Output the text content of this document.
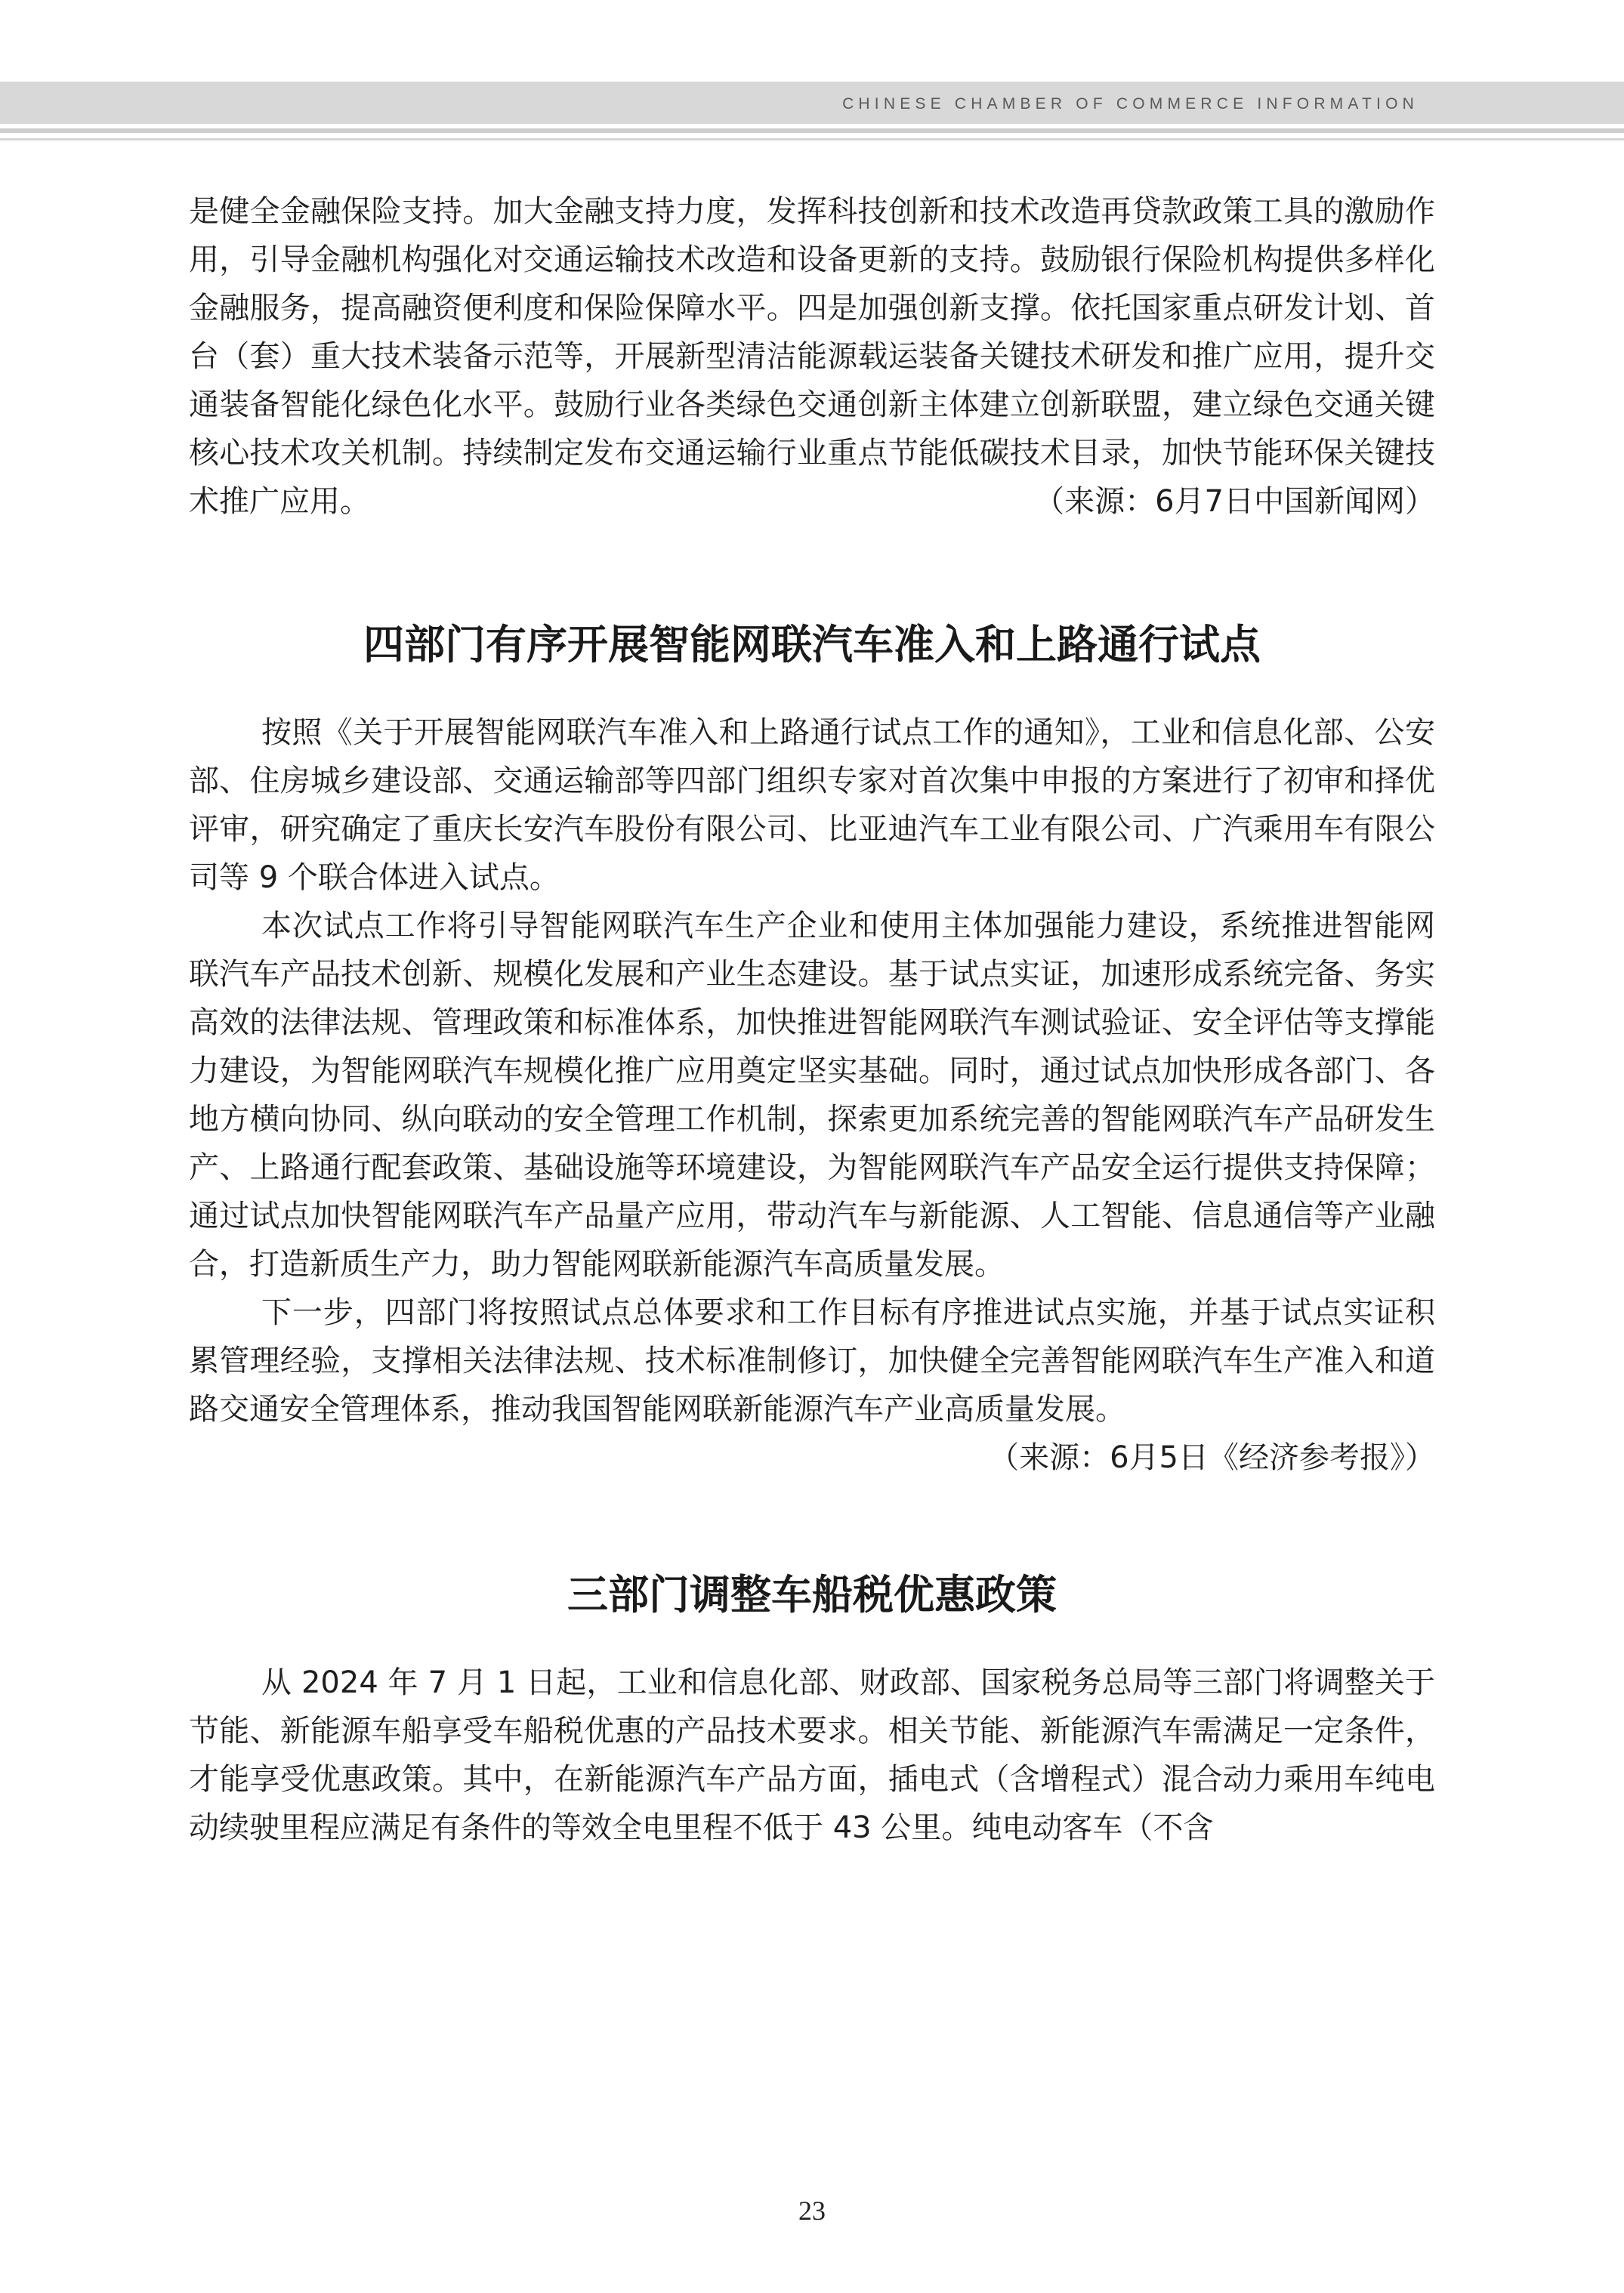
CHINESE CHAMBER OF COMMERCE INFORMATION

是健全金融保险支持。加大金融支持力度，发挥科技创新和技术改造再贷款政策工具的激励作用，引导金融机构强化对交通运输技术改造和设备更新的支持。鼓励银行保险机构提供多样化金融服务，提高融资便利度和保险保障水平。四是加强创新支撑。依托国家重点研发计划、首台（套）重大技术装备示范等，开展新型清洁能源载运装备关键技术研发和推广应用，提升交通装备智能化绿色化水平。鼓励行业各类绿色交通创新主体建立创新联盟，建立绿色交通关键核心技术攻关机制。持续制定发布交通运输行业重点节能低碳技术目录，加快节能环保关键技术推广应用。	（来源：6月7日中国新闻网）
四部门有序开展智能网联汽车准入和上路通行试点

按照《关于开展智能网联汽车准入和上路通行试点工作的通知》，工业和信息化部、公安部、住房城乡建设部、交通运输部等四部门组织专家对首次集中申报的方案进行了初审和择优评审，研究确定了重庆长安汽车股份有限公司、比亚迪汽车工业有限公司、广汽乘用车有限公司等 9 个联合体进入试点。

本次试点工作将引导智能网联汽车生产企业和使用主体加强能力建设，系统推进智能网联汽车产品技术创新、规模化发展和产业生态建设。基于试点实证，加速形成系统完备、务实高效的法律法规、管理政策和标准体系，加快推进智能网联汽车测试验证、安全评估等支撑能力建设，为智能网联汽车规模化推广应用奠定坚实基础。同时，通过试点加快形成各部门、各地方横向协同、纵向联动的安全管理工作机制，探索更加系统完善的智能网联汽车产品研发生产、上路通行配套政策、基础设施等环境建设，为智能网联汽车产品安全运行提供支持保障；通过试点加快智能网联汽车产品量产应用，带动汽车与新能源、人工智能、信息通信等产业融合，打造新质生产力，助力智能网联新能源汽车高质量发展。

下一步，四部门将按照试点总体要求和工作目标有序推进试点实施，并基于试点实证积累管理经验，支撑相关法律法规、技术标准制修订，加快健全完善智能网联汽车生产准入和道路交通安全管理体系，推动我国智能网联新能源汽车产业高质量发展。

（来源：6月5日《经济参考报》）
三部门调整车船税优惠政策

从 2024 年 7 月 1 日起，工业和信息化部、财政部、国家税务总局等三部门将调整关于节能、新能源车船享受车船税优惠的产品技术要求。相关节能、新能源汽车需满足一定条件，才能享受优惠政策。其中，在新能源汽车产品方面，插电式（含增程式）混合动力乘用车纯电动续驶里程应满足有条件的等效全电里程不低于 43 公里。纯电动客车（不含

23
